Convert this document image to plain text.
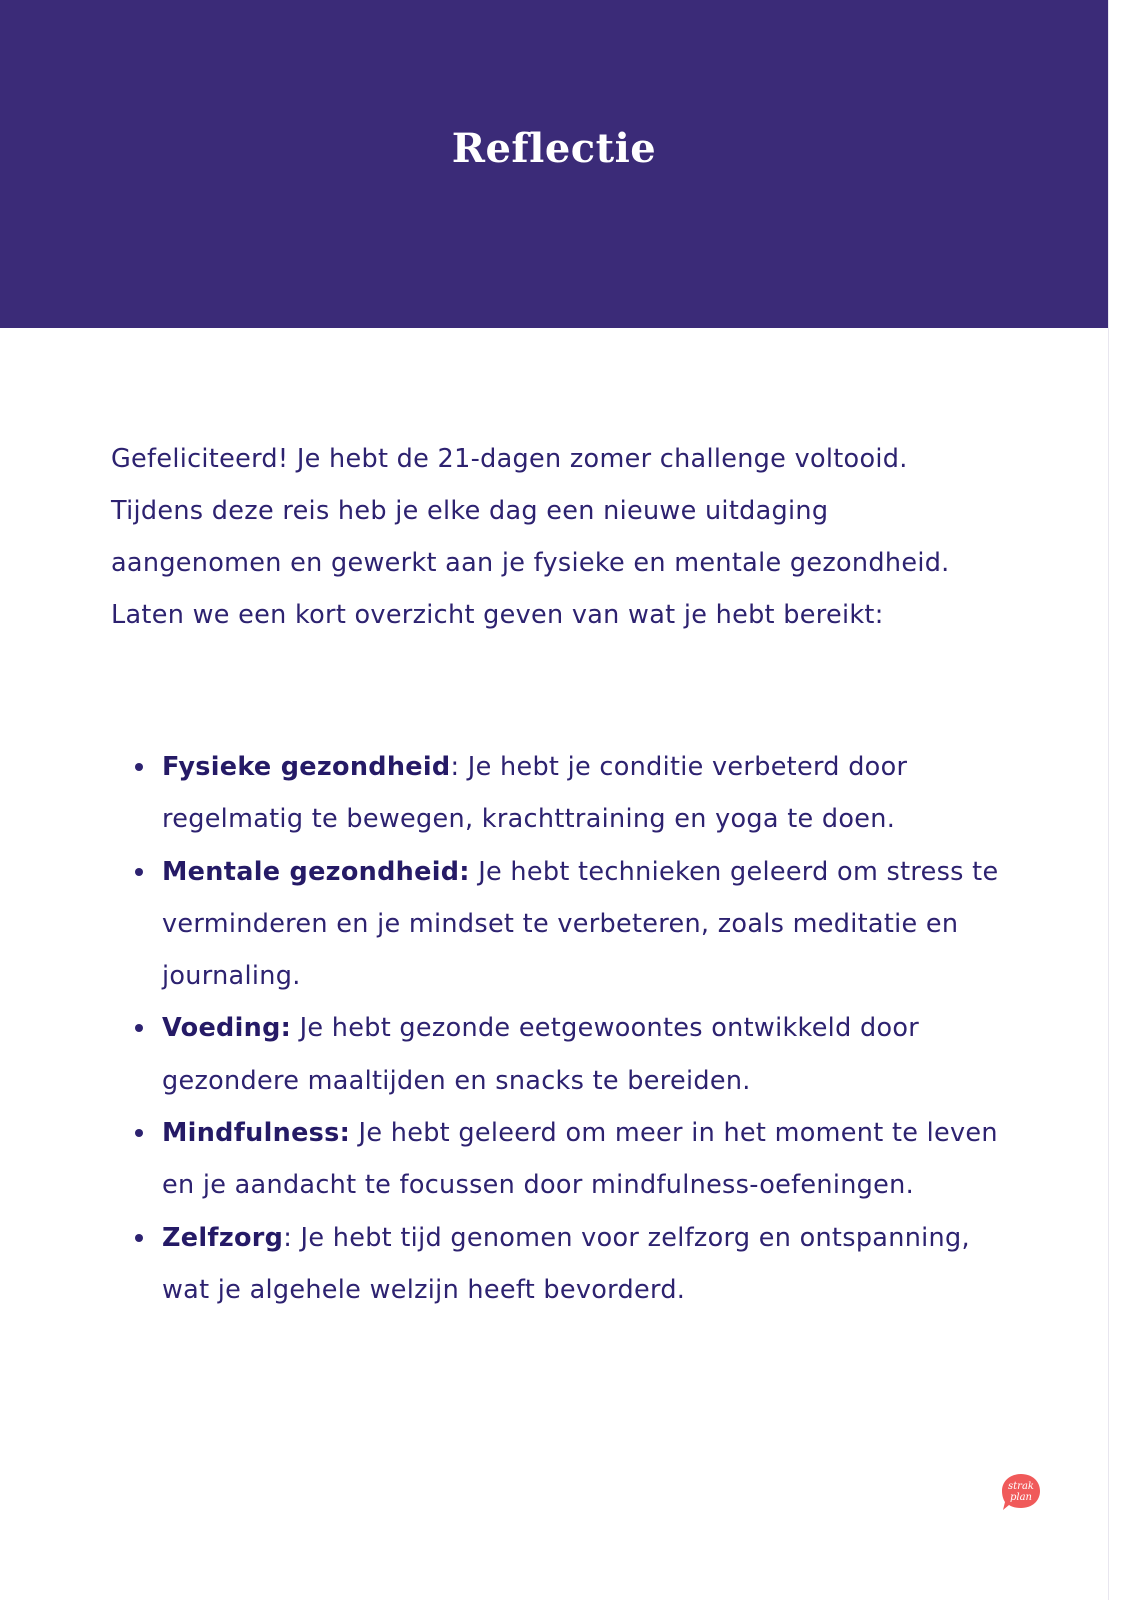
Reflectie

Gefeliciteerd! Je hebt de 21-dagen zomer challenge voltooid. Tijdens deze reis heb je elke dag een nieuwe uitdaging aangenomen en gewerkt aan je fysieke en mentale gezondheid. Laten we een kort overzicht geven van wat je hebt bereikt:

Fysieke gezondheid: Je hebt je conditie verbeterd door regelmatig te bewegen, krachttraining en yoga te doen.
Mentale gezondheid: Je hebt technieken geleerd om stress te verminderen en je mindset te verbeteren, zoals meditatie en journaling.
Voeding: Je hebt gezonde eetgewoontes ontwikkeld door gezondere maaltijden en snacks te bereiden.
Mindfulness: Je hebt geleerd om meer in het moment te leven en je aandacht te focussen door mindfulness-oefeningen.
Zelfzorg: Je hebt tijd genomen voor zelfzorg en ontspanning, wat je algehele welzijn heeft bevorderd.
strak
plan
